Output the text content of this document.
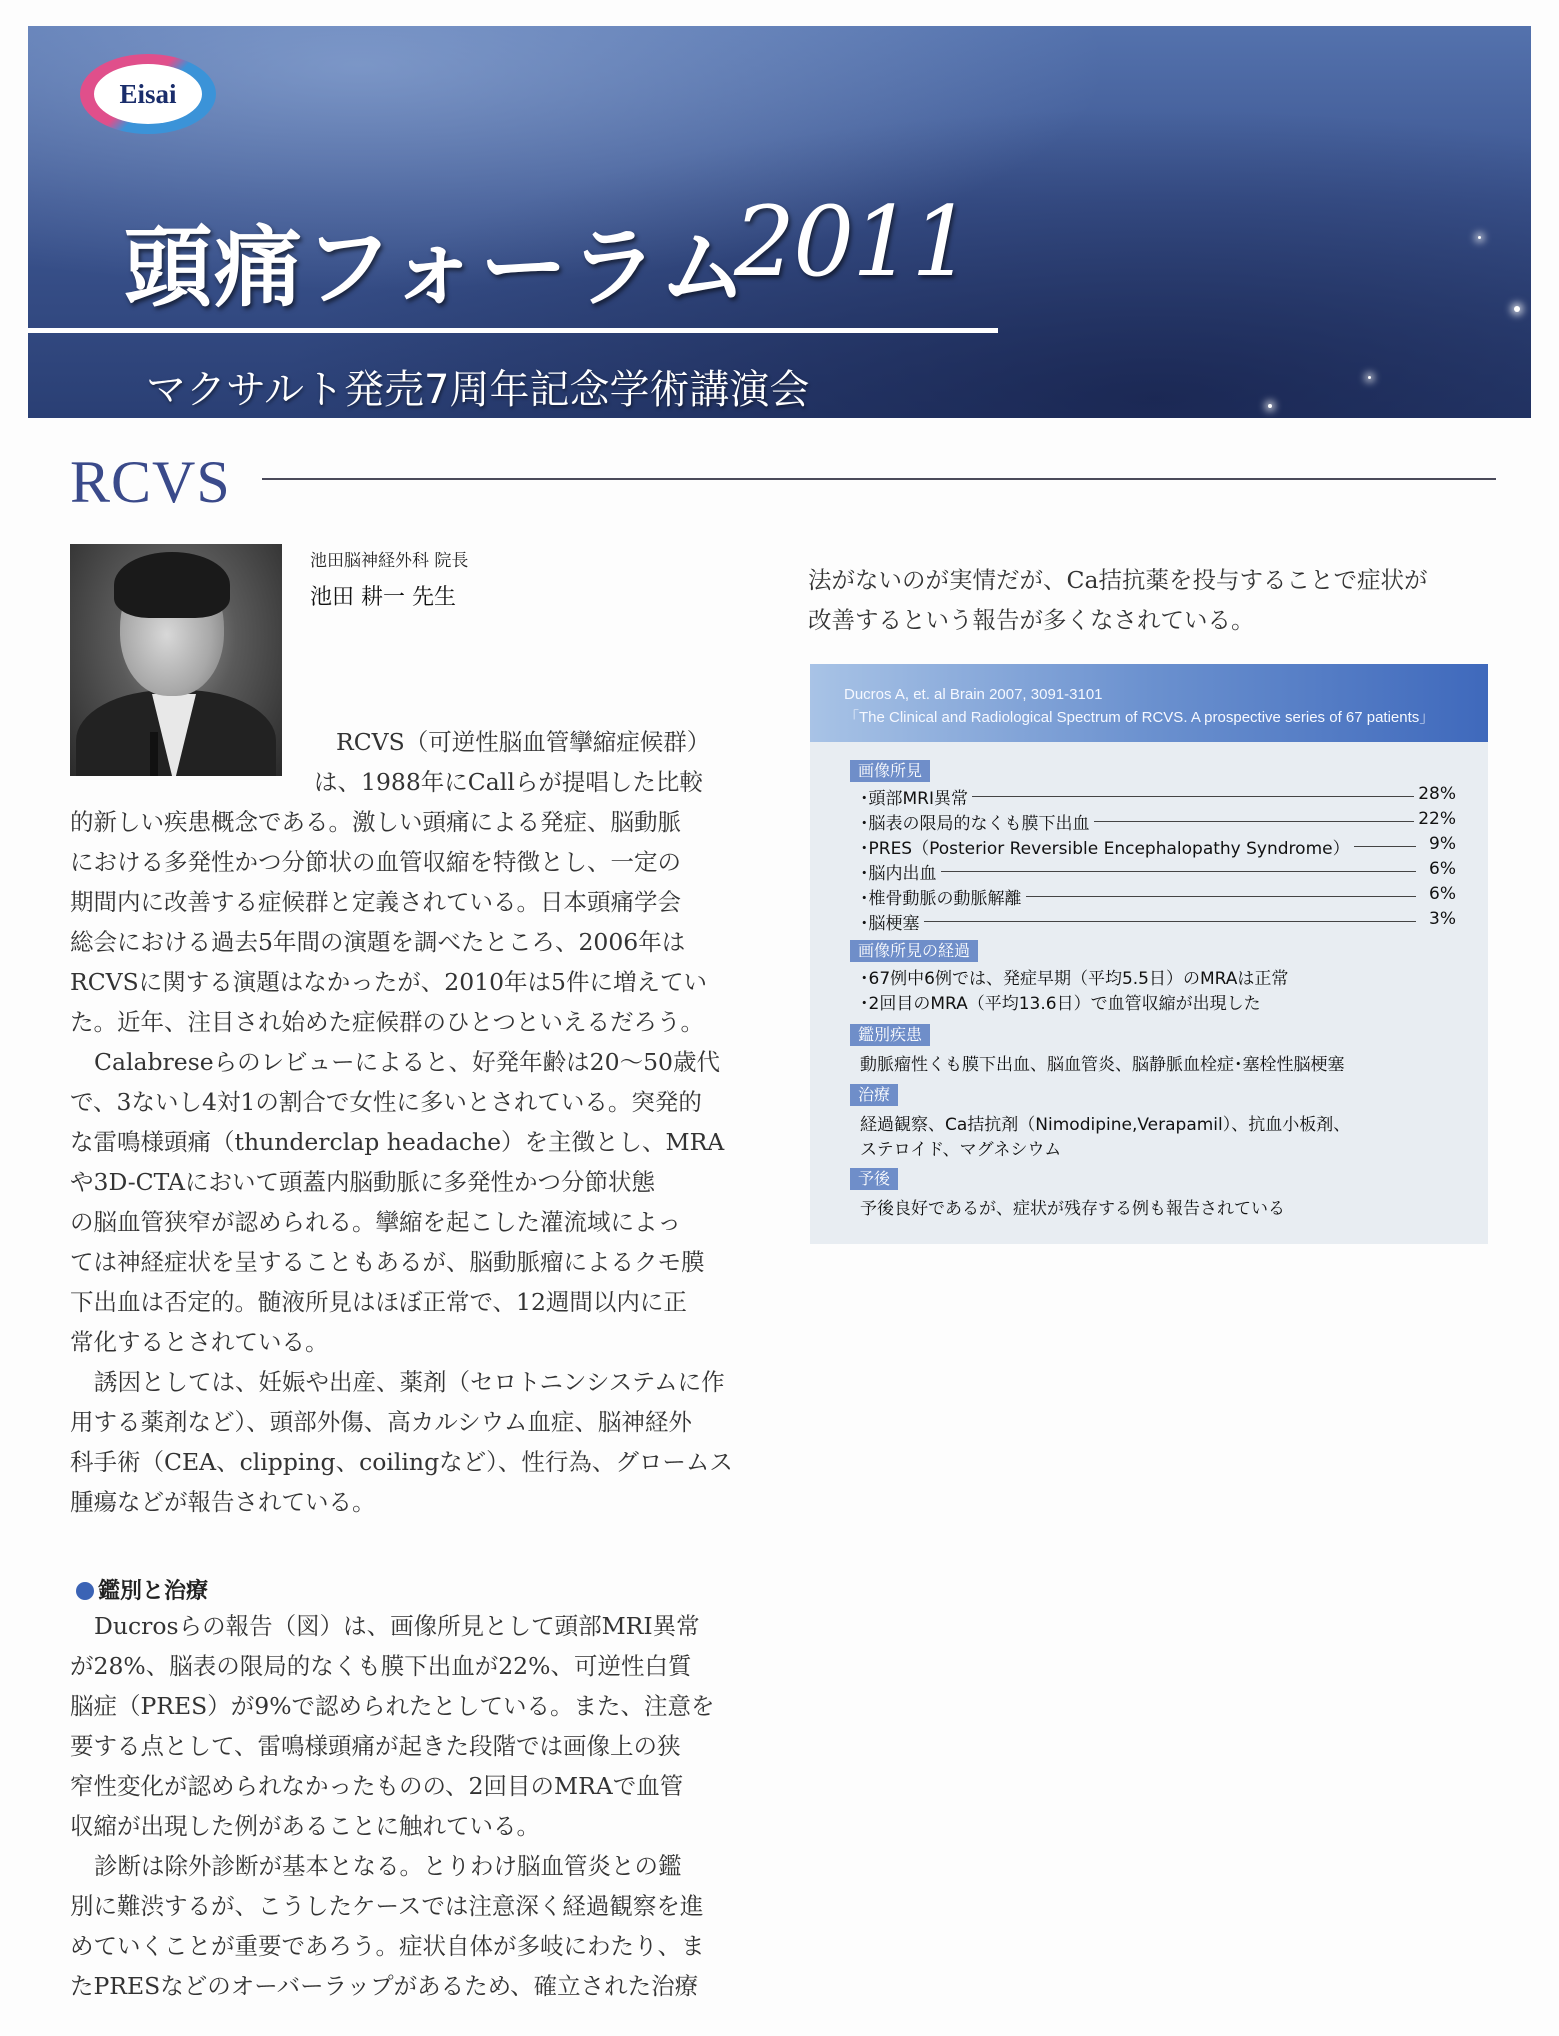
Eisai
頭痛フォーラム
2011
マクサルト発売7周年記念学術講演会
RCVS
池田脳神経外科 院長
池田 耕一 先生
RCVS（可逆性脳血管攣縮症候群）
は、1988年にCallらが提唱した比較
的新しい疾患概念である。激しい頭痛による発症、脳動脈
における多発性かつ分節状の血管収縮を特徴とし、一定の
期間内に改善する症候群と定義されている。日本頭痛学会
総会における過去5年間の演題を調べたところ、2006年は
RCVSに関する演題はなかったが、2010年は5件に増えてい
た。近年、注目され始めた症候群のひとつといえるだろう。
Calabreseらのレビューによると、好発年齢は20～50歳代
で、3ないし4対1の割合で女性に多いとされている。突発的
な雷鳴様頭痛（thunderclap headache）を主徴とし、MRA
や3D-CTAにおいて頭蓋内脳動脈に多発性かつ分節状態
の脳血管狭窄が認められる。攣縮を起こした灌流域によっ
ては神経症状を呈することもあるが、脳動脈瘤によるクモ膜
下出血は否定的。髄液所見はほぼ正常で、12週間以内に正
常化するとされている。
誘因としては、妊娠や出産、薬剤（セロトニンシステムに作
用する薬剤など）、頭部外傷、高カルシウム血症、脳神経外
科手術（CEA、clipping、coilingなど）、性行為、グロームス
腫瘍などが報告されている。
鑑別と治療
Ducrosらの報告（図）は、画像所見として頭部MRI異常
が28%、脳表の限局的なくも膜下出血が22%、可逆性白質
脳症（PRES）が9%で認められたとしている。また、注意を
要する点として、雷鳴様頭痛が起きた段階では画像上の狭
窄性変化が認められなかったものの、2回目のMRAで血管
収縮が出現した例があることに触れている。
診断は除外診断が基本となる。とりわけ脳血管炎との鑑
別に難渋するが、こうしたケースでは注意深く経過観察を進
めていくことが重要であろう。症状自体が多岐にわたり、ま
たPRESなどのオーバーラップがあるため、確立された治療
法がないのが実情だが、Ca拮抗薬を投与することで症状が
改善するという報告が多くなされている。
Ducros A, et. al Brain 2007, 3091-3101
「The Clinical and Radiological Spectrum of RCVS. A prospective series of 67 patients」
画像所見
･頭部MRI異常	28%
･脳表の限局的なくも膜下出血	22%
･PRES（Posterior Reversible Encephalopathy Syndrome）	9%
･脳内出血	6%
･椎骨動脈の動脈解離	6%
･脳梗塞	3%
画像所見の経過
･67例中6例では、発症早期（平均5.5日）のMRAは正常
･2回目のMRA（平均13.6日）で血管収縮が出現した
鑑別疾患
動脈瘤性くも膜下出血、脳血管炎、脳静脈血栓症･塞栓性脳梗塞
治療
経過観察、Ca拮抗剤（Nimodipine,Verapamil）、抗血小板剤、
ステロイド、マグネシウム
予後
予後良好であるが、症状が残存する例も報告されている
